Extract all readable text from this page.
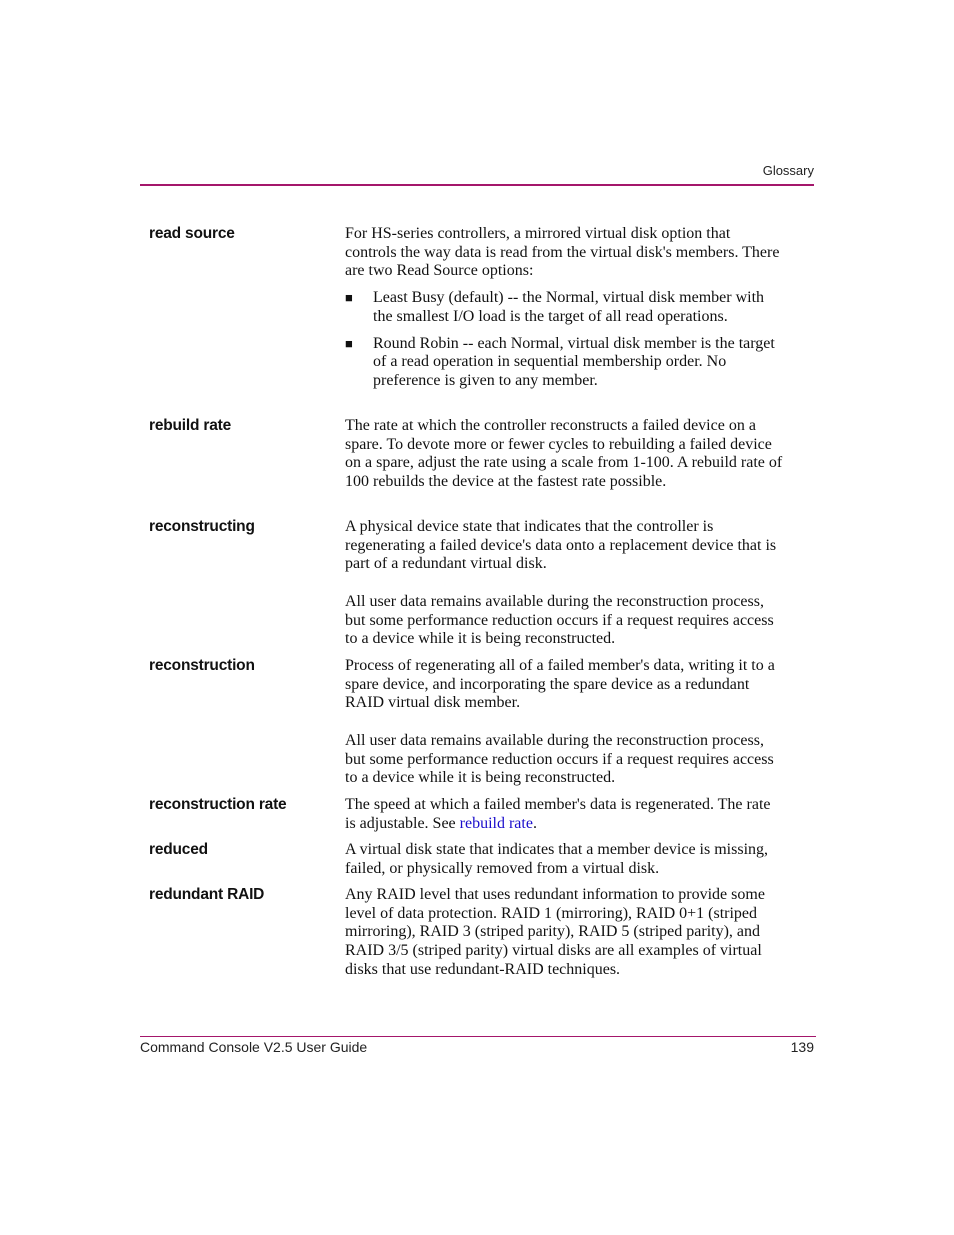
Glossary
read source	For HS-series controllers, a mirrored virtual disk option that controls the way data is read from the virtual disk's members. There are two Read Source options:

■ Least Busy (default) -- the Normal, virtual disk member with the smallest I/O load is the target of all read operations.
■ Round Robin -- each Normal, virtual disk member is the target of a read operation in sequential membership order. No preference is given to any member.
rebuild rate	The rate at which the controller reconstructs a failed device on a spare. To devote more or fewer cycles to rebuilding a failed device on a spare, adjust the rate using a scale from 1-100. A rebuild rate of 100 rebuilds the device at the fastest rate possible.

reconstructing	A physical device state that indicates that the controller is regenerating a failed device's data onto a replacement device that is part of a redundant virtual disk.

All user data remains available during the reconstruction process, but some performance reduction occurs if a request requires access to a device while it is being reconstructed.

reconstruction	Process of regenerating all of a failed member's data, writing it to a spare device, and incorporating the spare device as a redundant RAID virtual disk member.

All user data remains available during the reconstruction process, but some performance reduction occurs if a request requires access to a device while it is being reconstructed.

reconstruction rate	The speed at which a failed member's data is regenerated. The rate is adjustable. See rebuild rate.

reduced	A virtual disk state that indicates that a member device is missing, failed, or physically removed from a virtual disk.

redundant RAID	Any RAID level that uses redundant information to provide some level of data protection. RAID 1 (mirroring), RAID 0+1 (striped mirroring), RAID 3 (striped parity), RAID 5 (striped parity), and RAID 3/5 (striped parity) virtual disks are all examples of virtual disks that use redundant-RAID techniques.

Command Console V2.5 User Guide	139
